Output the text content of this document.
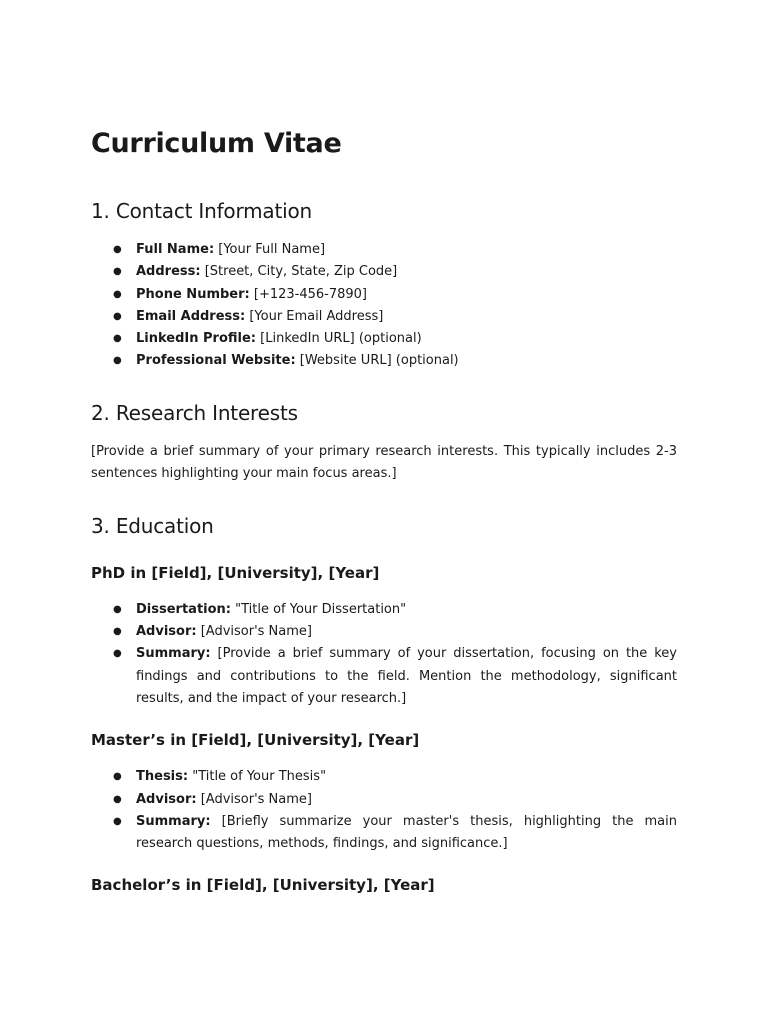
Curriculum Vitae
1. Contact Information
● Full Name: [Your Full Name]
● Address: [Street, City, State, Zip Code]
● Phone Number: [+123-456-7890]
● Email Address: [Your Email Address]
● LinkedIn Profile: [LinkedIn URL] (optional)
● Professional Website: [Website URL] (optional)
2. Research Interests

[Provide a brief summary of your primary research interests. This typically includes 2-3 sentences highlighting your main focus areas.]

3. Education
PhD in [Field], [University], [Year]
● Dissertation: "Title of Your Dissertation"
● Advisor: [Advisor's Name]
● Summary: [Provide a brief summary of your dissertation, focusing on the key findings and contributions to the field. Mention the methodology, significant results, and the impact of your research.]
Master’s in [Field], [University], [Year]
● Thesis: "Title of Your Thesis"
● Advisor: [Advisor's Name]
● Summary: [Briefly summarize your master's thesis, highlighting the main research questions, methods, findings, and significance.]
Bachelor’s in [Field], [University], [Year]
